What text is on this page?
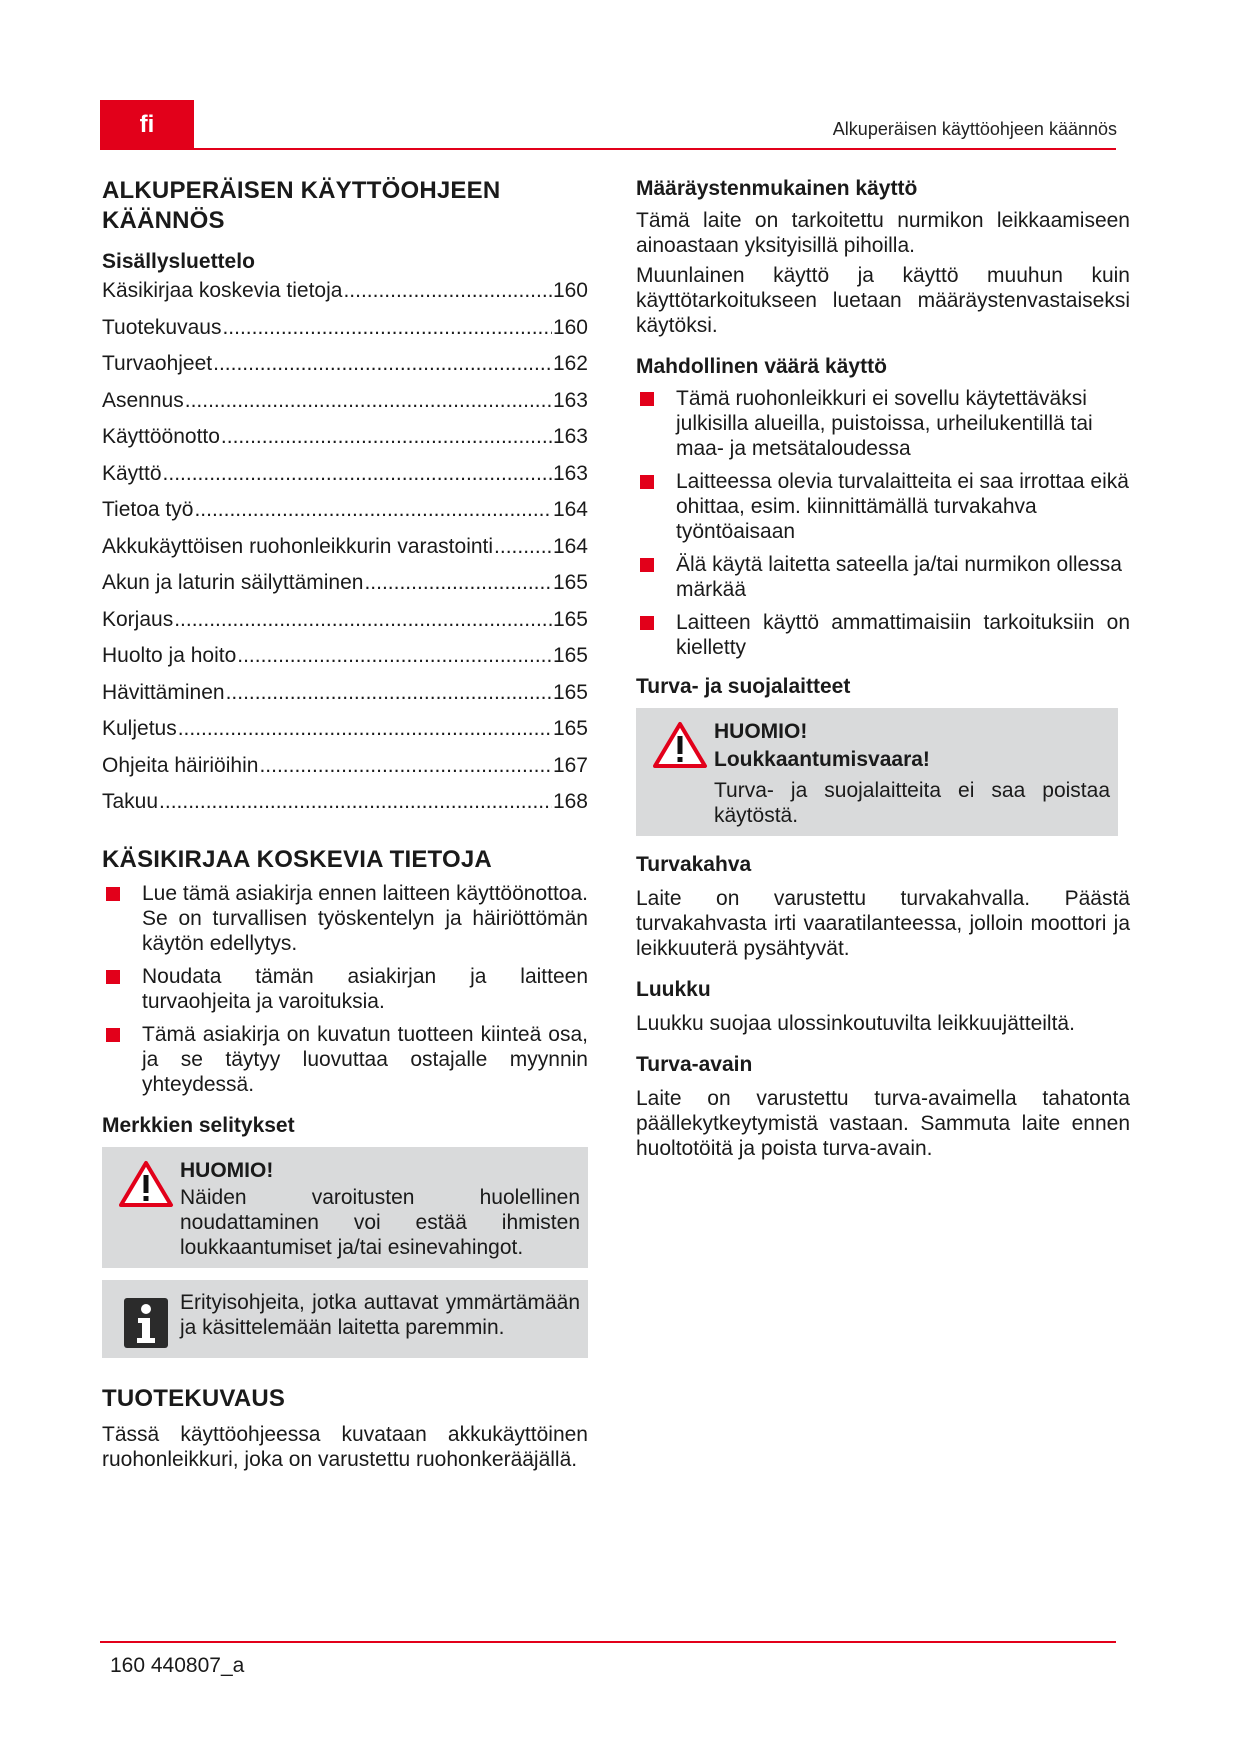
fi	Alkuperäisen käyttöohjeen käännös
ALKUPERÄISEN KÄYTTÖOHJEEN
KÄÄNNÖS
Sisällysluettelo
Käsikirjaa koskevia tietoja .....	160
Tuotekuvaus .....	160
Turvaohjeet .....	162
Asennus .....	163
Käyttöönotto .....	163
Käyttö .....	163
Tietoa työ .....	164
Akkukäyttöisen ruohonleikkurin varastointi .....	164
Akun ja laturin säilyttäminen .....	165
Korjaus .....	165
Huolto ja hoito .....	165
Hävittäminen .....	165
Kuljetus .....	165
Ohjeita häiriöihin .....	167
Takuu .....	168
KÄSIKIRJAA KOSKEVIA TIETOJA
Lue tämä asiakirja ennen laitteen käyttöönottoa. Se on turvallisen työskentelyn ja häiriöttömän käytön edellytys.
Noudata tämän asiakirjan ja laitteen turvaohjeita ja varoituksia.
Tämä asiakirja on kuvatun tuotteen kiinteä osa, ja se täytyy luovuttaa ostajalle myynnin yhteydessä.
Merkkien selitykset
HUOMIO!
Näiden varoitusten huolellinen noudattaminen voi estää ihmisten loukkaantumiset ja/tai esinevahingot.
Erityisohjeita, jotka auttavat ymmärtämään ja käsittelemään laitetta paremmin.
TUOTEKUVAUS

Tässä käyttöohjeessa kuvataan akkukäyttöinen ruohonleikkuri, joka on varustettu ruohonkerääjällä.

Määräystenmukainen käyttö

Tämä laite on tarkoitettu nurmikon leikkaamiseen ainoastaan yksityisillä pihoilla.

Muunlainen käyttö ja käyttö muuhun kuin käyttötarkoitukseen luetaan määräystenvastaiseksi käytöksi.

Mahdollinen väärä käyttö
Tämä ruohonleikkuri ei sovellu käytettäväksi julkisilla alueilla, puistoissa, urheilukentillä tai maa- ja metsätaloudessa
Laitteessa olevia turvalaitteita ei saa irrottaa eikä ohittaa, esim. kiinnittämällä turvakahva työntöaisaan
Älä käytä laitetta sateella ja/tai nurmikon ollessa märkää
Laitteen käyttö ammattimaisiin tarkoituksiin on kielletty
Turva- ja suojalaitteet
HUOMIO!
Loukkaantumisvaara!
Turva- ja suojalaitteita ei saa poistaa käytöstä.
Turvakahva

Laite on varustettu turvakahvalla. Päästä turvakahvasta irti vaaratilanteessa, jolloin moottori ja leikkuuterä pysähtyvät.

Luukku

Luukku suojaa ulossinkoutuvilta leikkuujätteiltä.

Turva-avain

Laite on varustettu turva-avaimella tahatonta päällekytkeytymistä vastaan. Sammuta laite ennen huoltotöitä ja poista turva-avain.

160 440807_a
